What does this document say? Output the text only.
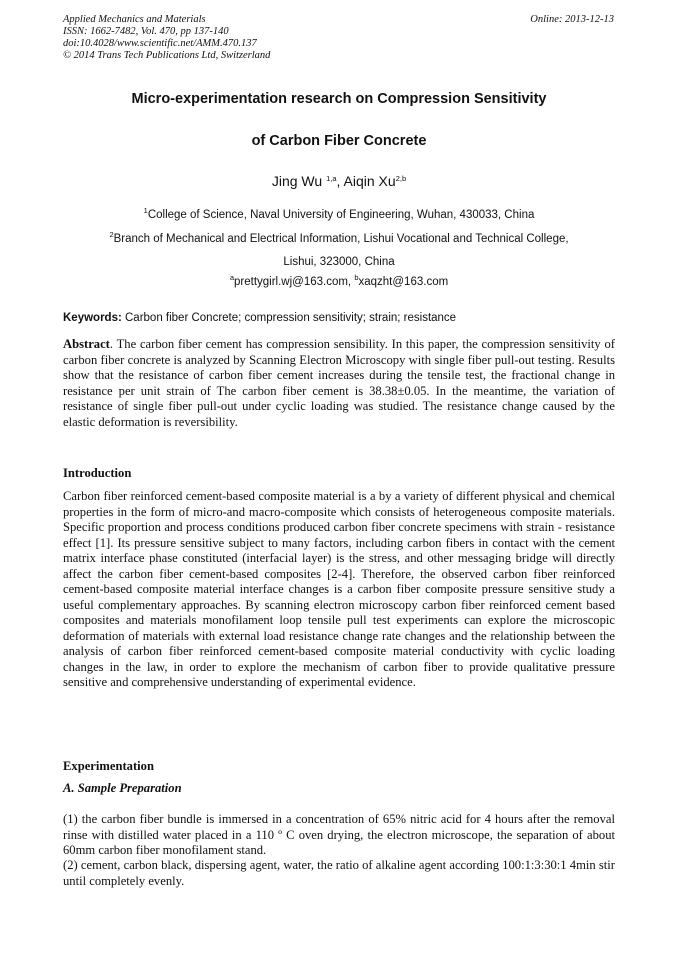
Applied Mechanics and Materials
ISSN: 1662-7482, Vol. 470, pp 137-140
doi:10.4028/www.scientific.net/AMM.470.137
© 2014 Trans Tech Publications Ltd, Switzerland
Online: 2013-12-13
Micro-experimentation research on Compression Sensitivity
of Carbon Fiber Concrete
Jing Wu $^{1,a}$, Aiqin Xu$^{2,b}$
$^1$College of Science, Naval University of Engineering, Wuhan, 430033, China
$^2$Branch of Mechanical and Electrical Information, Lishui Vocational and Technical College,
Lishui, 323000, China
$^a$prettygirl.wj@163.com, $^b$xaqzht@163.com
Keywords: Carbon fiber Concrete; compression sensitivity; strain; resistance

Abstract. The carbon fiber cement has compression sensibility. In this paper, the compression sensitivity of carbon fiber concrete is analyzed by Scanning Electron Microscopy with single fiber pull-out testing. Results show that the resistance of carbon fiber cement increases during the tensile test, the fractional change in resistance per unit strain of The carbon fiber cement is 38.38±0.05. In the meantime, the variation of resistance of single fiber pull-out under cyclic loading was studied. The resistance change caused by the elastic deformation is reversibility.

Introduction

Carbon fiber reinforced cement-based composite material is a by a variety of different physical and chemical properties in the form of micro-and macro-composite which consists of heterogeneous composite materials. Specific proportion and process conditions produced carbon fiber concrete specimens with strain - resistance effect [1]. Its pressure sensitive subject to many factors, including carbon fibers in contact with the cement matrix interface phase constituted (interfacial layer) is the stress, and other messaging bridge will directly affect the carbon fiber cement-based composites [2-4]. Therefore, the observed carbon fiber reinforced cement-based composite material interface changes is a carbon fiber composite pressure sensitive study a useful complementary approaches. By scanning electron microscopy carbon fiber reinforced cement based composites and materials monofilament loop tensile pull test experiments can explore the microscopic deformation of materials with external load resistance change rate changes and the relationship between the analysis of carbon fiber reinforced cement-based composite material conductivity with cyclic loading changes in the law, in order to explore the mechanism of carbon fiber to provide qualitative pressure sensitive and comprehensive understanding of experimental evidence.

Experimentation
A. Sample Preparation

(1) the carbon fiber bundle is immersed in a concentration of 65% nitric acid for 4 hours after the removal rinse with distilled water placed in a 110 º C oven drying, the electron microscope, the separation of about 60mm carbon fiber monofilament stand.

(2) cement, carbon black, dispersing agent, water, the ratio of alkaline agent according 100:1:3:30:1 4min stir until completely evenly.
